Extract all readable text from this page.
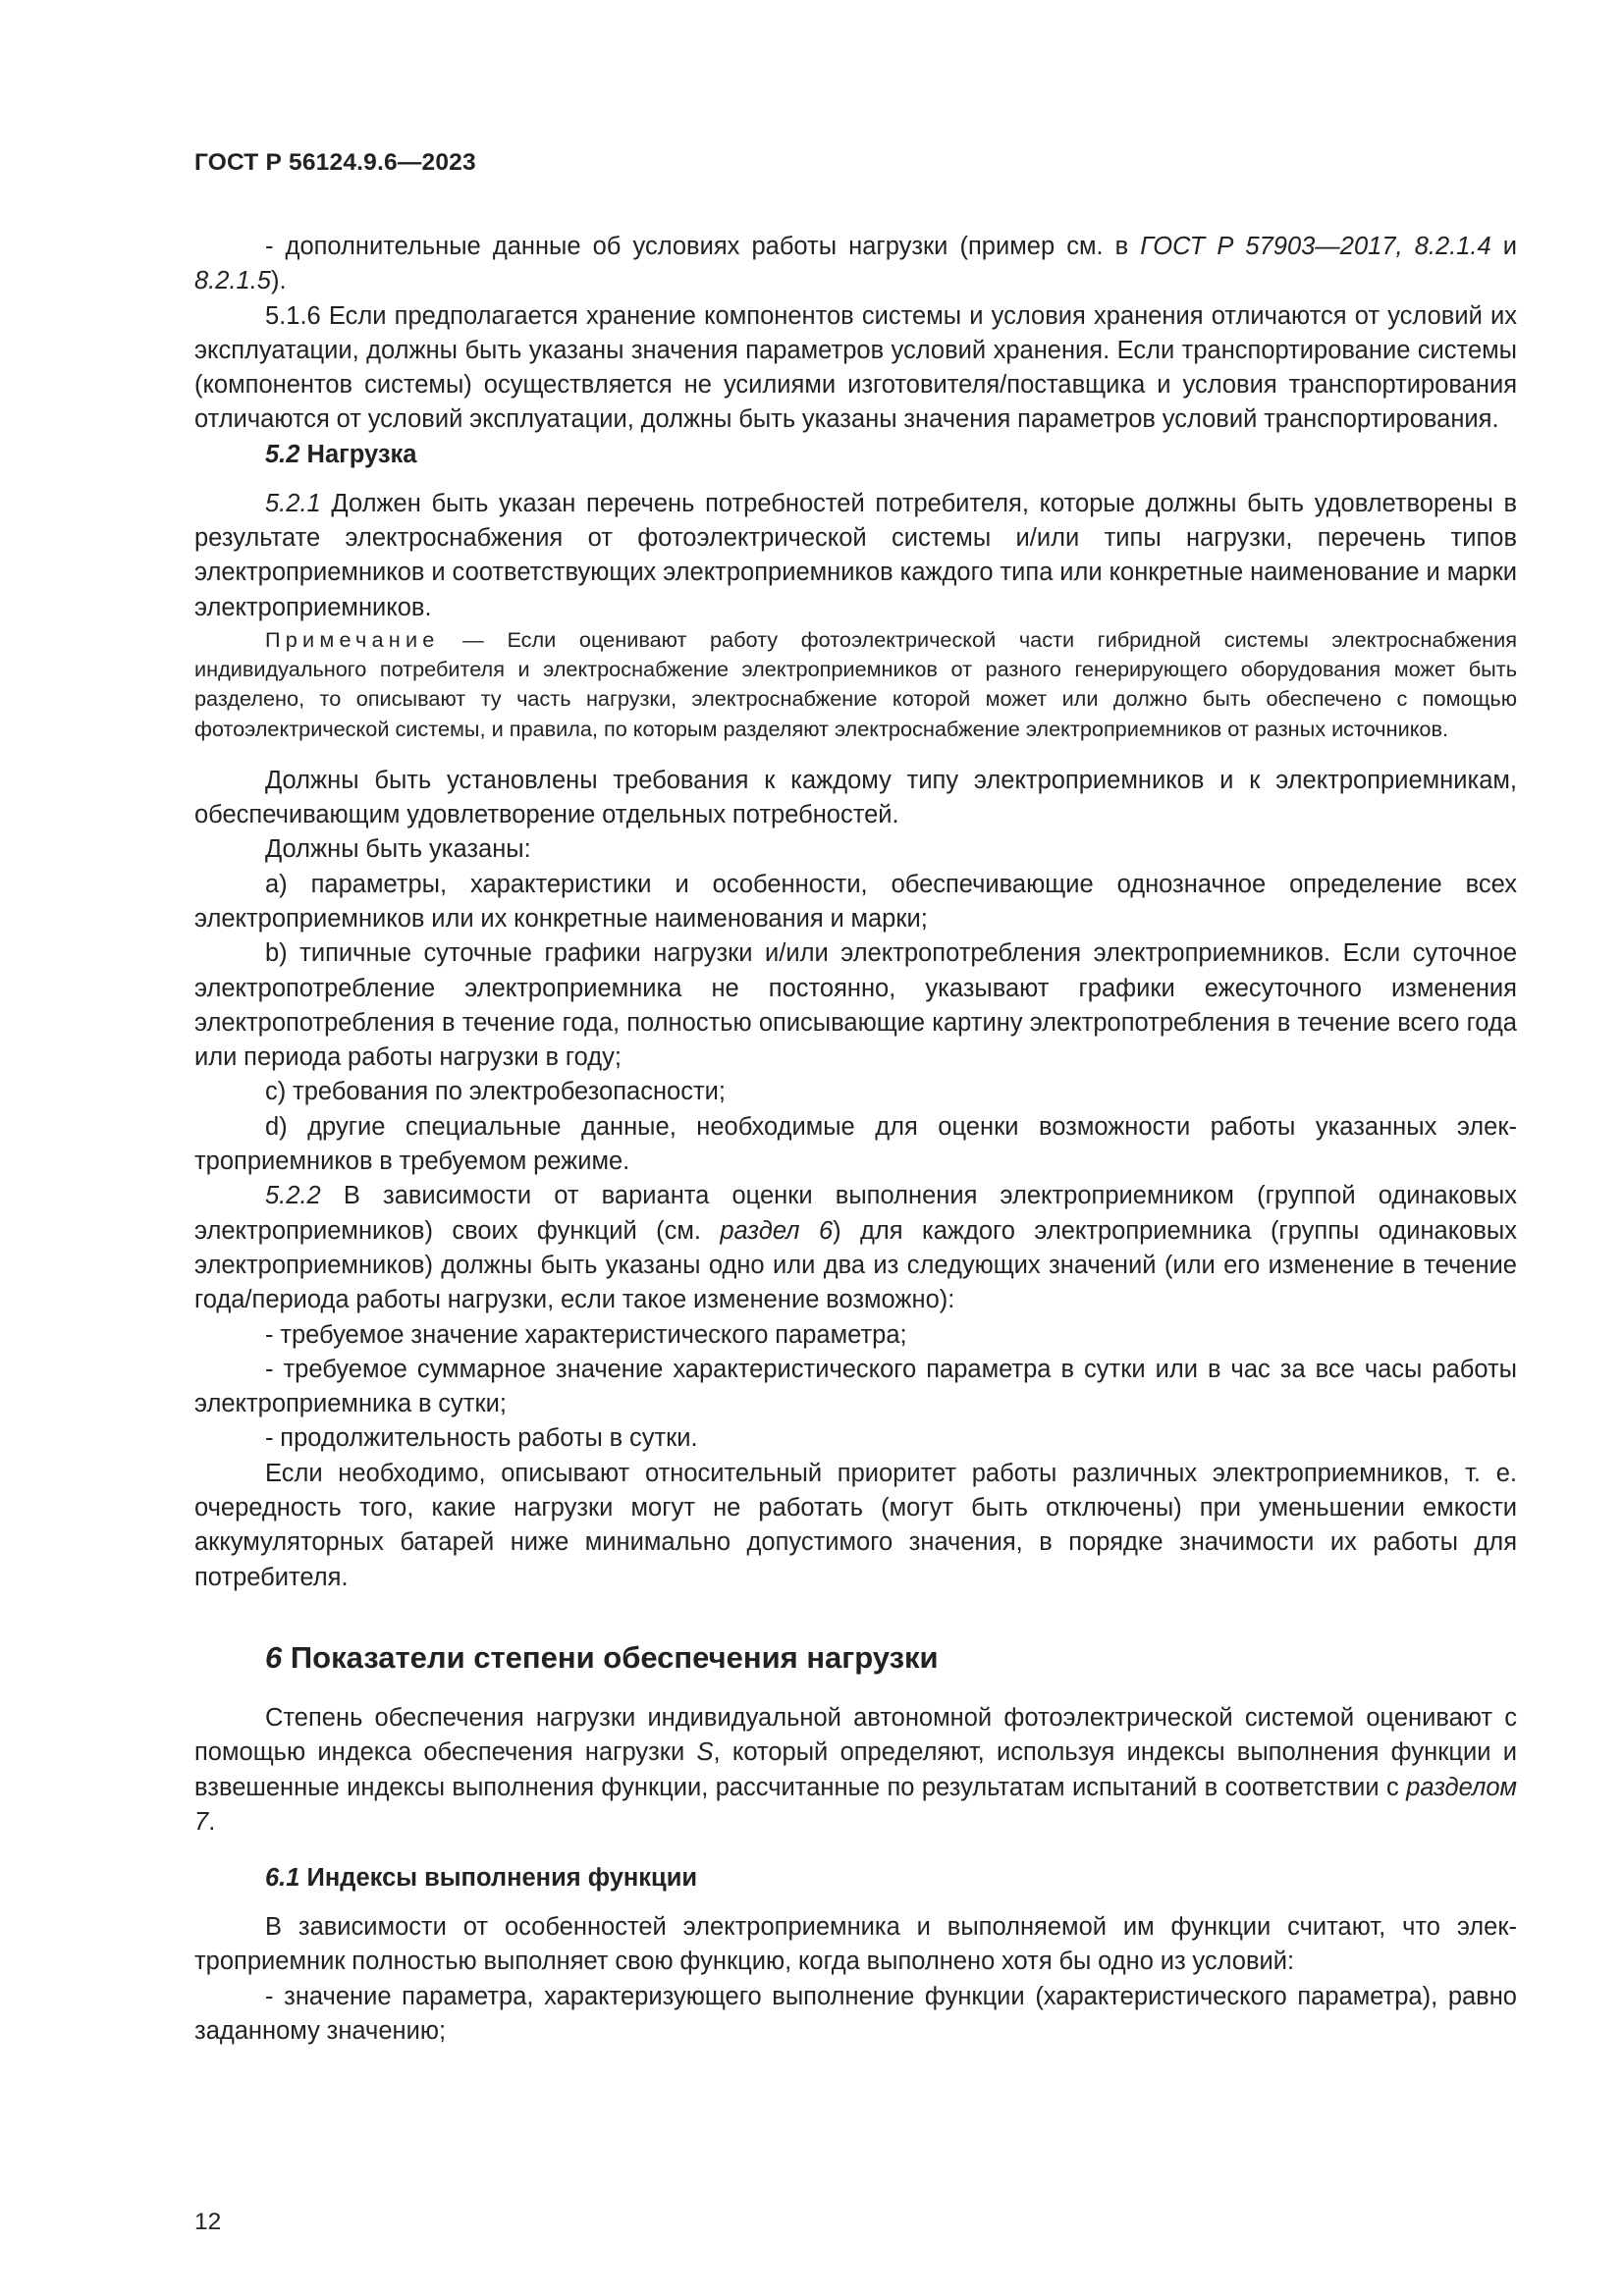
ГОСТ Р 56124.9.6—2023

- дополнительные данные об условиях работы нагрузки (пример см. в ГОСТ Р 57903—2017, 8.2.1.4 и 8.2.1.5).

5.1.6 Если предполагается хранение компонентов системы и условия хранения отличаются от условий их эксплуатации, должны быть указаны значения параметров условий хранения. Если транспортирование системы (компонентов системы) осуществляется не усилиями изготовителя/поставщика и условия транспортирования отличаются от условий эксплуатации, должны быть указаны значения параметров условий транспортирования.

5.2 Нагрузка

5.2.1 Должен быть указан перечень потребностей потребителя, которые должны быть удовлетворены в результате электроснабжения от фотоэлектрической системы и/или типы нагрузки, перечень типов электроприемников и соответствующих электроприемников каждого типа или конкретные наименование и марки электроприемников.

Примечание — Если оценивают работу фотоэлектрической части гибридной системы электроснабжения индивидуального потребителя и электроснабжение электроприемников от разного генерирующего оборудования может быть разделено, то описывают ту часть нагрузки, электроснабжение которой может или должно быть обеспечено с помощью фотоэлектрической системы, и правила, по которым разделяют электроснабжение электроприемников от разных источников.

Должны быть установлены требования к каждому типу электроприемников и к электроприемникам, обеспечивающим удовлетворение отдельных потребностей.

Должны быть указаны:

a) параметры, характеристики и особенности, обеспечивающие однозначное определение всех электроприемников или их конкретные наименования и марки;

b) типичные суточные графики нагрузки и/или электропотребления электроприемников. Если суточное электропотребление электроприемника не постоянно, указывают графики ежесуточного изменения электропотребления в течение года, полностью описывающие картину электропотребления в течение всего года или периода работы нагрузки в году;

c) требования по электробезопасности;

d) другие специальные данные, необходимые для оценки возможности работы указанных электроприемников в требуемом режиме.

5.2.2 В зависимости от варианта оценки выполнения электроприемником (группой одинаковых электроприемников) своих функций (см. раздел 6) для каждого электроприемника (группы одинаковых электроприемников) должны быть указаны одно или два из следующих значений (или его изменение в течение года/периода работы нагрузки, если такое изменение возможно):

- требуемое значение характеристического параметра;

- требуемое суммарное значение характеристического параметра в сутки или в час за все часы работы электроприемника в сутки;

- продолжительность работы в сутки.

Если необходимо, описывают относительный приоритет работы различных электроприемников, т. е. очередность того, какие нагрузки могут не работать (могут быть отключены) при уменьшении емкости аккумуляторных батарей ниже минимально допустимого значения, в порядке значимости их работы для потребителя.

6 Показатели степени обеспечения нагрузки

Степень обеспечения нагрузки индивидуальной автономной фотоэлектрической системой оценивают с помощью индекса обеспечения нагрузки S, который определяют, используя индексы выполнения функции и взвешенные индексы выполнения функции, рассчитанные по результатам испытаний в соответствии с разделом 7.

6.1 Индексы выполнения функции

В зависимости от особенностей электроприемника и выполняемой им функции считают, что электроприемник полностью выполняет свою функцию, когда выполнено хотя бы одно из условий:

- значение параметра, характеризующего выполнение функции (характеристического параметра), равно заданному значению;

12
